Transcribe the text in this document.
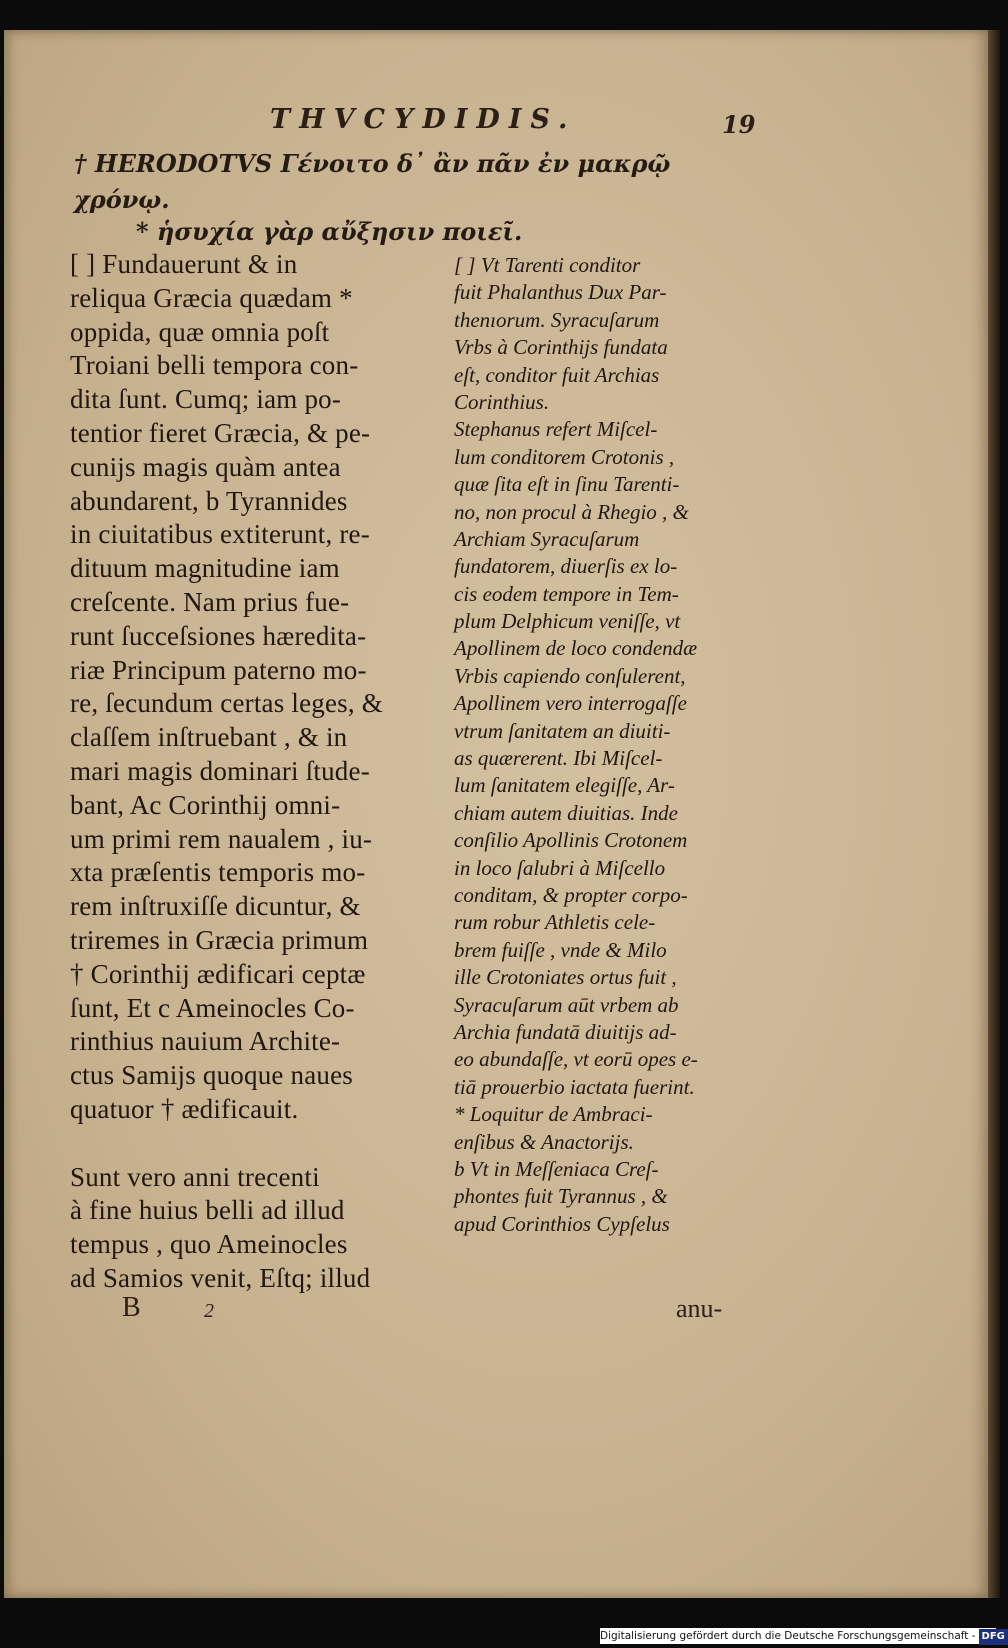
THVCYDIDIS.	19
† HERODOTVS Γένοιτο δ᾽ ἂν πᾶν ἐν μακρῷ χρόνῳ.
* ἡσυχία γὰρ αὔξησιν ποιεῖ.
[ ] Fundauerunt & in
reliqua Græcia quædam *
oppida, quæ omnia poſt
Troiani belli tempora con-
dita ſunt. Cumq; iam po-
tentior fieret Græcia, & pe-
cunijs magis quàm antea
abundarent, b Tyrannides
in ciuitatibus extiterunt, re-
dituum magnitudine iam
creſcente. Nam prius fue-
runt ſucceſsiones hæredita-
riæ Principum paterno mo-
re, ſecundum certas leges, &
claſſem inſtruebant , & in
mari magis dominari ſtude-
bant, Ac Corinthij omni-
um primi rem naualem , iu-
xta præſentis temporis mo-
rem inſtruxiſſe dicuntur, &
triremes in Græcia primum
† Corinthij ædificari ceptæ
ſunt, Et c Ameinocles Co-
rinthius nauium Archite-
ctus Samijs quoque naues
quatuor † ædificauit.
Sunt vero anni trecenti
à fine huius belli ad illud
tempus , quo Ameinocles
ad Samios venit, Eſtq; illud
[ ] Vt Tarenti conditor
fuit Phalanthus Dux Par-
thenıorum. Syracuſarum
Vrbs à Corinthijs fundata
eſt, conditor fuit Archias
Corinthius.
Stephanus refert Miſcel-
lum conditorem Crotonis ,
quæ ſita eſt in ſinu Tarenti-
no, non procul à Rhegio , &
Archiam Syracuſarum
fundatorem, diuerſis ex lo-
cis eodem tempore in Tem-
plum Delphicum veniſſe, vt
Apollinem de loco condendæ
Vrbis capiendo conſulerent,
Apollinem vero interrogaſſe
vtrum ſanitatem an diuiti-
as quærerent. Ibi Miſcel-
lum ſanitatem elegiſſe, Ar-
chiam autem diuitias. Inde
conſilio Apollinis Crotonem
in loco ſalubri à Miſcello
conditam, & propter corpo-
rum robur Athletis cele-
brem fuiſſe , vnde & Milo
ille Crotoniates ortus fuit ,
Syracuſarum aūt vrbem ab
Archia fundatā diuitijs ad-
eo abundaſſe, vt eorū opes e-
tiā prouerbio iactata fuerint.
* Loquitur de Ambraci-
enſibus & Anactorijs.
b Vt in Meſſeniaca Creſ-
phontes fuit Tyrannus , &
apud Corinthios Cypſelus
B	2	anu-
Digitalisierung gefördert durch die Deutsche Forschungsgemeinschaft - DFG
